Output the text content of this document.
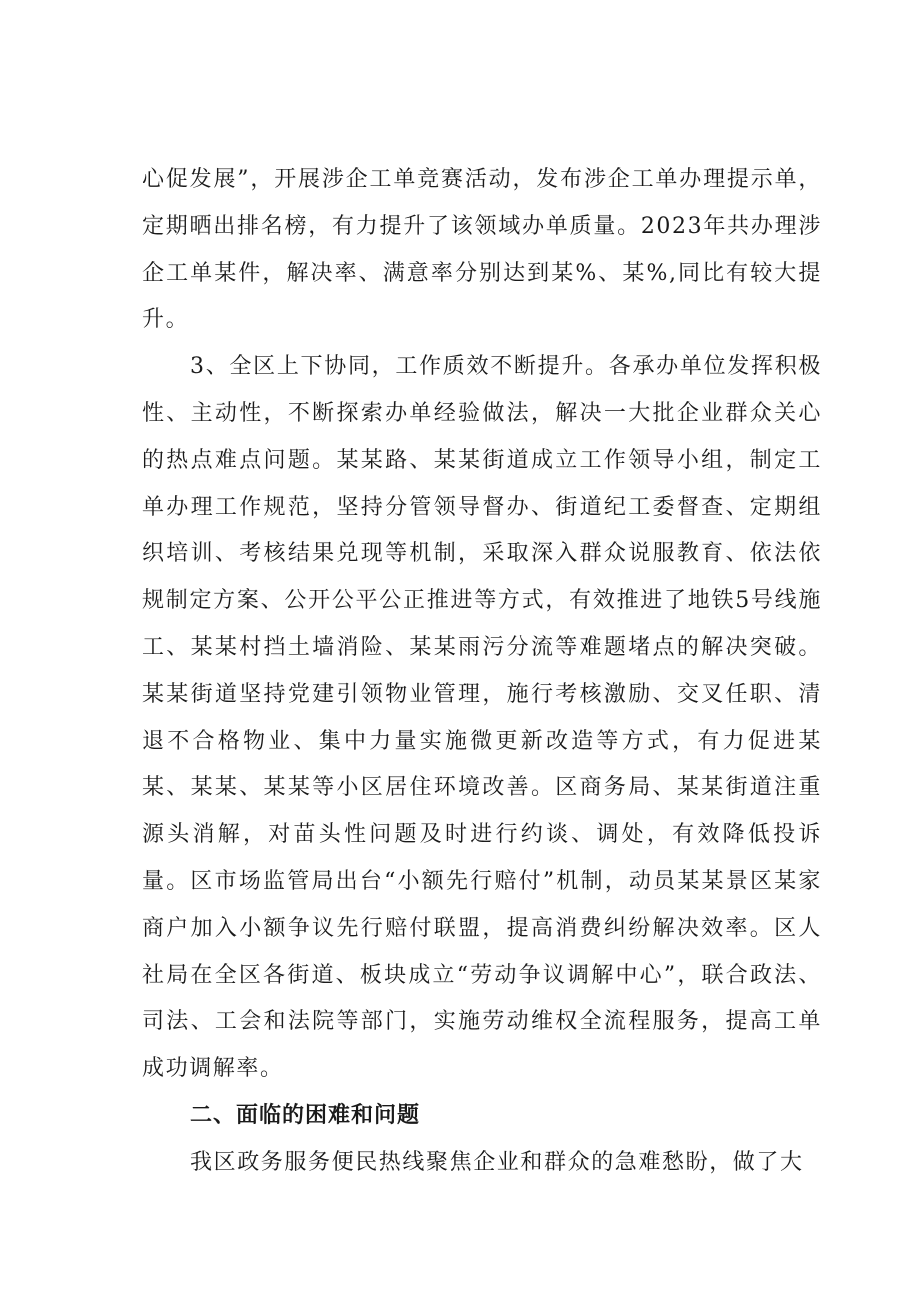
心促发展”，开展涉企工单竞赛活动，发布涉企工单办理提示单，定期晒出排名榜，有力提升了该领域办单质量。2023年共办理涉企工单某件，解决率、满意率分别达到某%、某%,同比有较大提升。

3、全区上下协同，工作质效不断提升。各承办单位发挥积极性、主动性，不断探索办单经验做法，解决一大批企业群众关心的热点难点问题。某某路、某某街道成立工作领导小组，制定工单办理工作规范，坚持分管领导督办、街道纪工委督查、定期组织培训、考核结果兑现等机制，采取深入群众说服教育、依法依规制定方案、公开公平公正推进等方式，有效推进了地铁5号线施工、某某村挡土墙消险、某某雨污分流等难题堵点的解决突破。某某街道坚持党建引领物业管理，施行考核激励、交叉任职、清退不合格物业、集中力量实施微更新改造等方式，有力促进某某、某某、某某等小区居住环境改善。区商务局、某某街道注重源头消解，对苗头性问题及时进行约谈、调处，有效降低投诉量。区市场监管局出台“小额先行赔付”机制，动员某某景区某家商户加入小额争议先行赔付联盟，提高消费纠纷解决效率。区人社局在全区各街道、板块成立“劳动争议调解中心”，联合政法、司法、工会和法院等部门，实施劳动维权全流程服务，提高工单成功调解率。

二、面临的困难和问题

我区政务服务便民热线聚焦企业和群众的急难愁盼，做了大
